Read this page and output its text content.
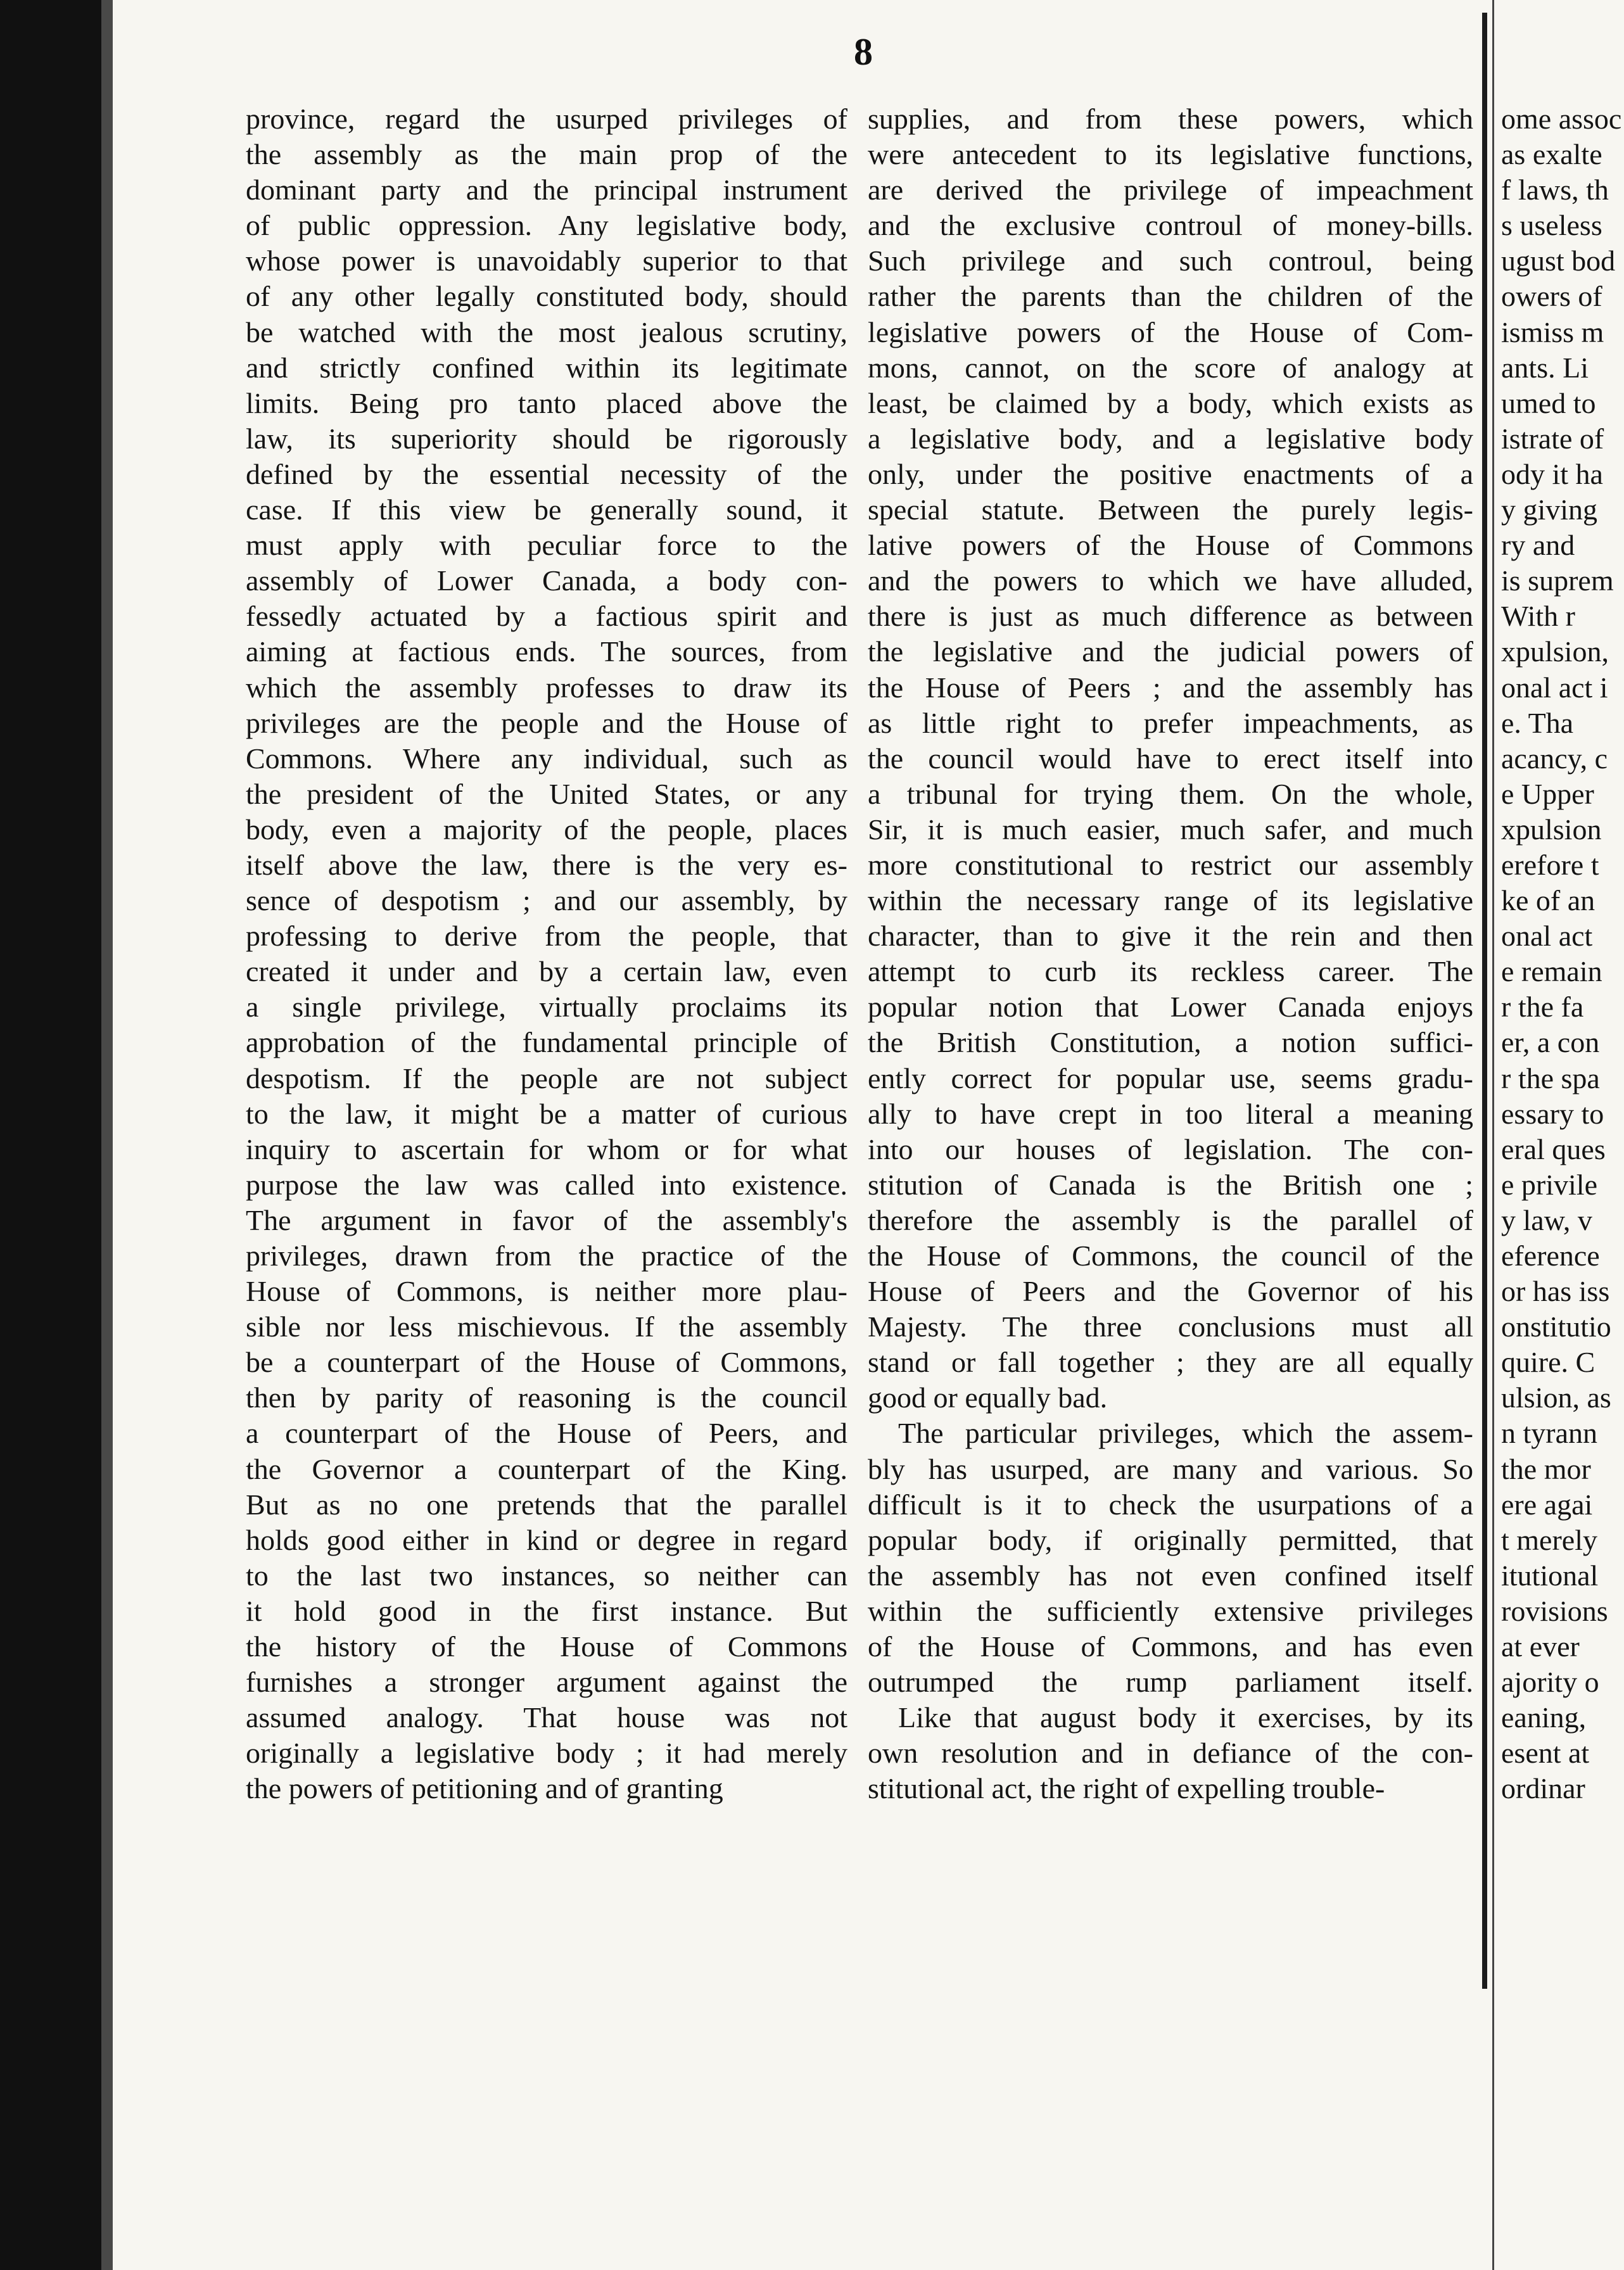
8
province, regard the usurped privileges of
the assembly as the main prop of the
dominant party and the principal instrument
of public oppression. Any legislative body,
whose power is unavoidably superior to that
of any other legally constituted body, should
be watched with the most jealous scrutiny,
and strictly confined within its legitimate
limits. Being pro tanto placed above the
law, its superiority should be rigorously
defined by the essential necessity of the
case. If this view be generally sound, it
must apply with peculiar force to the
assembly of Lower Canada, a body con-
fessedly actuated by a factious spirit and
aiming at factious ends. The sources, from
which the assembly professes to draw its
privileges are the people and the House of
Commons. Where any individual, such as
the president of the United States, or any
body, even a majority of the people, places
itself above the law, there is the very es-
sence of despotism ; and our assembly, by
professing to derive from the people, that
created it under and by a certain law, even
a single privilege, virtually proclaims its
approbation of the fundamental principle of
despotism. If the people are not subject
to the law, it might be a matter of curious
inquiry to ascertain for whom or for what
purpose the law was called into existence.
The argument in favor of the assembly's
privileges, drawn from the practice of the
House of Commons, is neither more plau-
sible nor less mischievous. If the assembly
be a counterpart of the House of Commons,
then by parity of reasoning is the council
a counterpart of the House of Peers, and
the Governor a counterpart of the King.
But as no one pretends that the parallel
holds good either in kind or degree in regard
to the last two instances, so neither can
it hold good in the first instance. But
the history of the House of Commons
furnishes a stronger argument against the
assumed analogy. That house was not
originally a legislative body ; it had merely
the powers of petitioning and of granting
supplies, and from these powers, which
were antecedent to its legislative functions,
are derived the privilege of impeachment
and the exclusive controul of money-bills.
Such privilege and such controul, being
rather the parents than the children of the
legislative powers of the House of Com-
mons, cannot, on the score of analogy at
least, be claimed by a body, which exists as
a legislative body, and a legislative body
only, under the positive enactments of a
special statute. Between the purely legis-
lative powers of the House of Commons
and the powers to which we have alluded,
there is just as much difference as between
the legislative and the judicial powers of
the House of Peers ; and the assembly has
as little right to prefer impeachments, as
the council would have to erect itself into
a tribunal for trying them. On the whole,
Sir, it is much easier, much safer, and much
more constitutional to restrict our assembly
within the necessary range of its legislative
character, than to give it the rein and then
attempt to curb its reckless career. The
popular notion that Lower Canada enjoys
the British Constitution, a notion suffici-
ently correct for popular use, seems gradu-
ally to have crept in too literal a meaning
into our houses of legislation. The con-
stitution of Canada is the British one ;
therefore the assembly is the parallel of
the House of Commons, the council of the
House of Peers and the Governor of his
Majesty. The three conclusions must all
stand or fall together ; they are all equally
good or equally bad.
The particular privileges, which the assem-
bly has usurped, are many and various. So
difficult is it to check the usurpations of a
popular body, if originally permitted, that
the assembly has not even confined itself
within the sufficiently extensive privileges
of the House of Commons, and has even
outrumped the rump parliament itself.
Like that august body it exercises, by its
own resolution and in defiance of the con-
stitutional act, the right of expelling trouble-
ome assoc
as exalte
f laws, th
s useless
ugust bod
owers of
ismiss m
ants. Li
umed to
istrate of
ody it ha
y giving
ry and
is suprem
With r
xpulsion,
onal act i
e. Tha
acancy, c
e Upper
xpulsion
erefore t
ke of an
onal act
e remain
r the fa
er, a con
r the spa
essary to
eral ques
e privile
y law, v
eference
or has iss
onstitutio
quire. C
ulsion, as
n tyrann
the mor
ere agai
t merely
itutional
rovisions
at ever
ajority o
eaning,
esent at
ordinar
